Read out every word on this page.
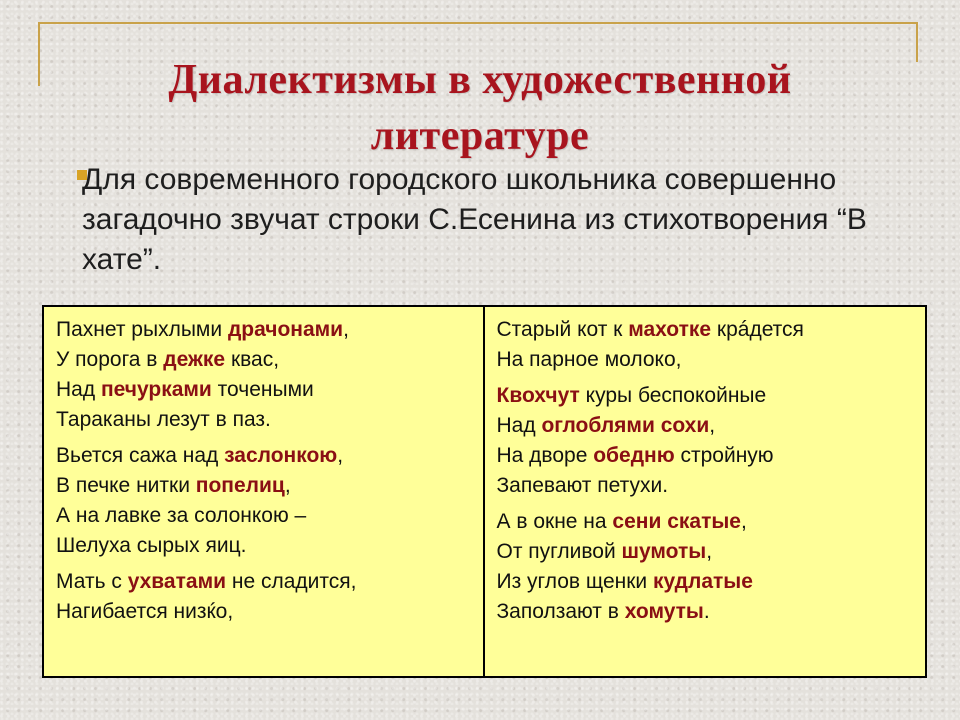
Диалектизмы в художественной литературе
Для современного городского школьника совершенно загадочно звучат строки С.Есенина из стихотворения “В хате”.
Пахнет рыхлыми драчонами,
У порога в дежке квас,
Над печурками точеными
Тараканы лезут в паз.
Вьется сажа над заслонкою,
В печке нитки попелиц,
А на лавке за солонкою –
Шелуха сырых яиц.
Мать с ухватами не сладится,
Нагибается низќо,
Старый кот к махотке крáдется
На парное молоко,
Квохчут куры беспокойные
Над оглоблями сохи,
На дворе обедню стройную
Запевают петухи.
А в окне на сени скатые,
От пугливой шумоты,
Из углов щенки кудлатые
Заползают в хомуты.
